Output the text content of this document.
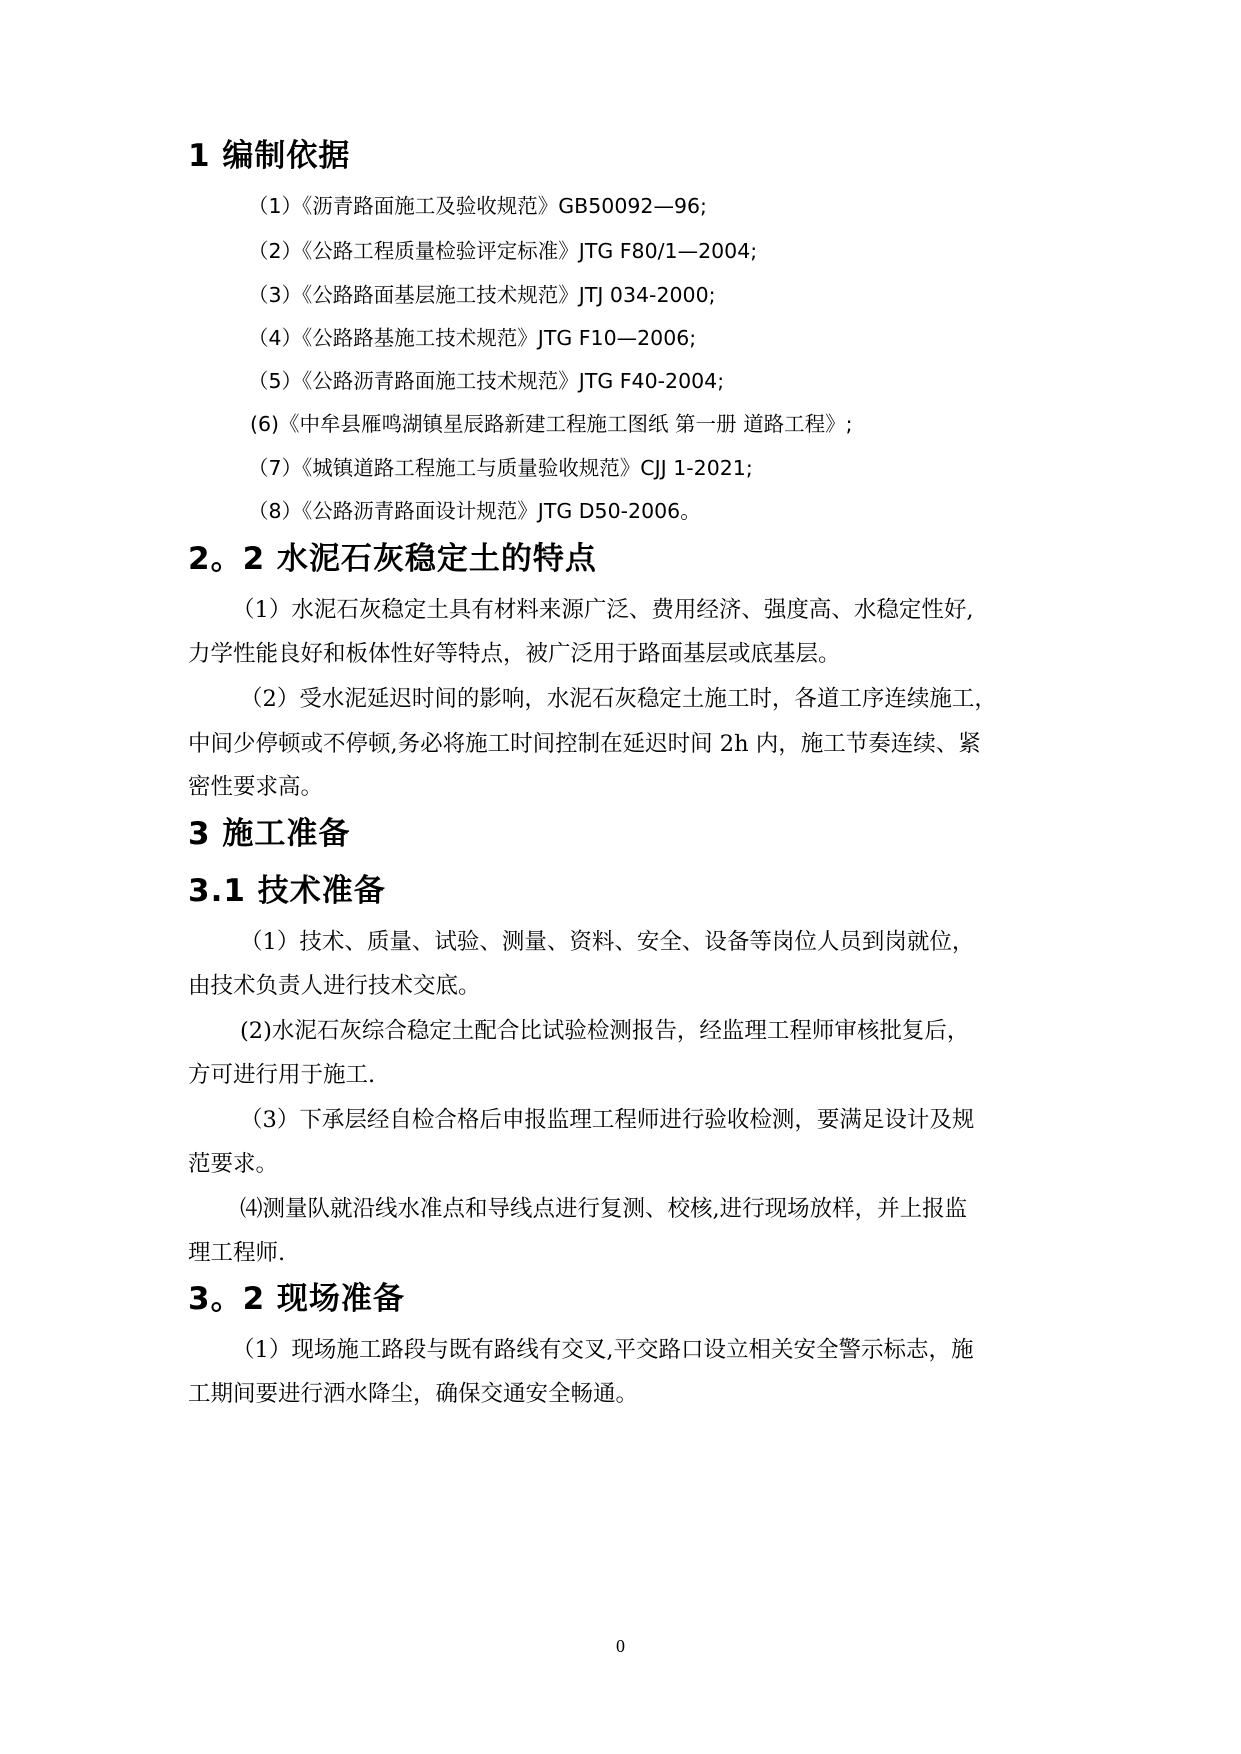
1 编制依据
（1）《沥青路面施工及验收规范》GB50092—96;
（2）《公路工程质量检验评定标准》JTG F80/1—2004;
（3）《公路路面基层施工技术规范》JTJ 034-2000;
（4）《公路路基施工技术规范》JTG F10—2006;
（5）《公路沥青路面施工技术规范》JTG F40-2004;
(6)《中牟县雁鸣湖镇星辰路新建工程施工图纸 第一册 道路工程》;
（7）《城镇道路工程施工与质量验收规范》CJJ 1-2021;
（8）《公路沥青路面设计规范》JTG D50-2006。
2。2 水泥石灰稳定土的特点
（1）水泥石灰稳定土具有材料来源广泛、费用经济、强度高、水稳定性好,
力学性能良好和板体性好等特点，被广泛用于路面基层或底基层。
（2）受水泥延迟时间的影响，水泥石灰稳定土施工时，各道工序连续施工，
中间少停顿或不停顿,务必将施工时间控制在延迟时间 2h 内，施工节奏连续、紧
密性要求高。
3 施工准备
3.1 技术准备
（1）技术、质量、试验、测量、资料、安全、设备等岗位人员到岗就位，
由技术负责人进行技术交底。
(2)水泥石灰综合稳定土配合比试验检测报告，经监理工程师审核批复后，
方可进行用于施工.
（3）下承层经自检合格后申报监理工程师进行验收检测，要满足设计及规
范要求。
⑷测量队就沿线水准点和导线点进行复测、校核,进行现场放样，并上报监
理工程师.
3。2 现场准备
（1）现场施工路段与既有路线有交叉,平交路口设立相关安全警示标志，施
工期间要进行洒水降尘，确保交通安全畅通。
0
